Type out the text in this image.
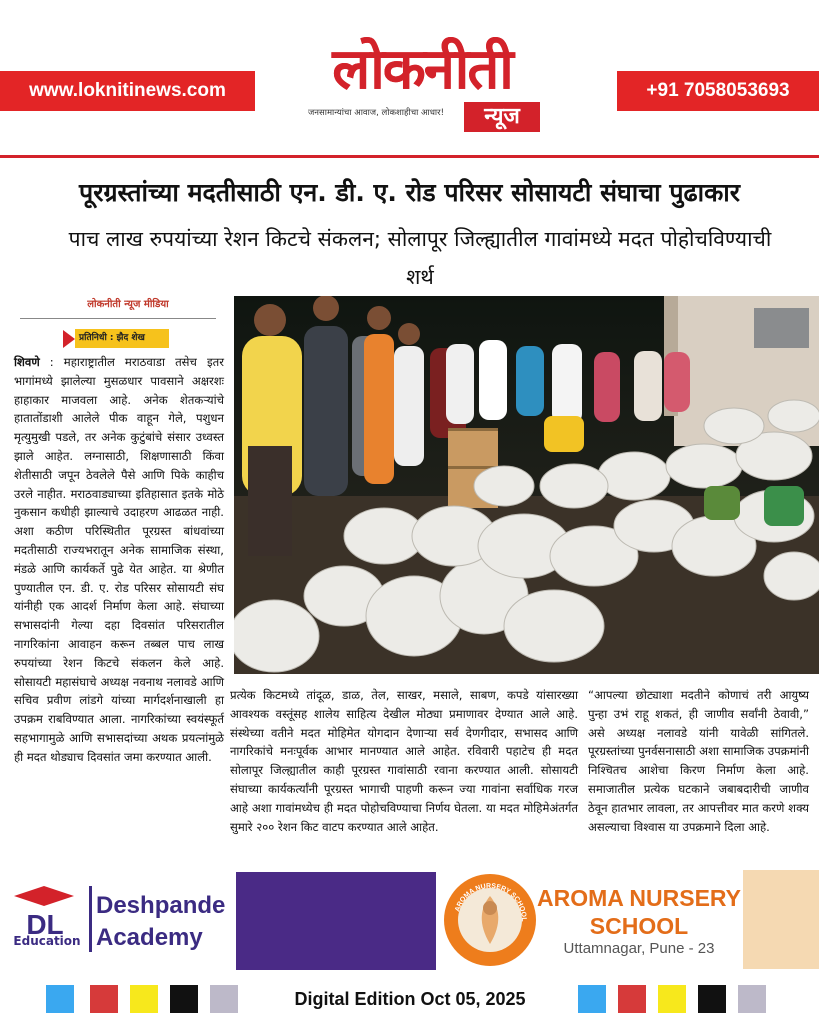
www.loknitinews.com	+91 7058053693
लोकनीती
जनसामान्यांचा आवाज, लोकशाहीचा आधार!	न्यूज
पूरग्रस्तांच्या मदतीसाठी एन. डी. ए. रोड परिसर सोसायटी संघाचा पुढाकार
पाच लाख रुपयांच्या रेशन किटचे संकलन; सोलापूर जिल्ह्यातील गावांमध्ये मदत पोहोचविण्याची शर्थ
लोकनीती न्यूज मीडिया
प्रतिनिधी : झैद शेख
शिवणे : महाराष्ट्रातील मराठवाडा तसेच इतर भागांमध्ये झालेल्या मुसळधार पावसाने अक्षरशः हाहाकार माजवला आहे. अनेक शेतकऱ्यांचे हातातोंडाशी आलेले पीक वाहून गेले, पशुधन मृत्युमुखी पडले, तर अनेक कुटुंबांचे संसार उध्वस्त झाले आहेत. लग्नासाठी, शिक्षणासाठी किंवा शेतीसाठी जपून ठेवलेले पैसे आणि पिके काहीच उरले नाहीत. मराठवाड्याच्या इतिहासात इतके मोठे नुकसान कधीही झाल्याचे उदाहरण आढळत नाही. अशा कठीण परिस्थितीत पूरग्रस्त बांधवांच्या मदतीसाठी राज्यभरातून अनेक सामाजिक संस्था, मंडळे आणि कार्यकर्ते पुढे येत आहेत. या श्रेणीत पुण्यातील एन. डी. ए. रोड परिसर सोसायटी संघ यांनीही एक आदर्श निर्माण केला आहे. संघाच्या सभासदांनी गेल्या दहा दिवसांत परिसरातील नागरिकांना आवाहन करून तब्बल पाच लाख रुपयांच्या रेशन किटचे संकलन केले आहे. सोसायटी महासंघाचे अध्यक्ष नवनाथ नलावडे आणि सचिव प्रवीण लांडगे यांच्या मार्गदर्शनाखाली हा उपक्रम राबविण्यात आला. नागरिकांच्या स्वयंस्फूर्त सहभागामुळे आणि सभासदांच्या अथक प्रयत्नांमुळे ही मदत थोड्याच दिवसांत जमा करण्यात आली.
प्रत्येक किटमध्ये तांदूळ, डाळ, तेल, साखर, मसाले, साबण, कपडे यांसारख्या आवश्यक वस्तूंसह शालेय साहित्य देखील मोठ्या प्रमाणावर देण्यात आले आहे. संस्थेच्या वतीने मदत मोहिमेत योगदान देणाऱ्या सर्व देणगीदार, सभासद आणि नागरिकांचे मनःपूर्वक आभार मानण्यात आले आहेत. रविवारी पहाटेच ही मदत सोलापूर जिल्ह्यातील काही पूरग्रस्त गावांसाठी रवाना करण्यात आली. सोसायटी संघाच्या कार्यकर्त्यांनी पूरग्रस्त भागाची पाहणी करून ज्या गावांना सर्वाधिक गरज आहे अशा गावांमध्येच ही मदत पोहोचविण्याचा निर्णय घेतला. या मदत मोहिमेअंतर्गत सुमारे २०० रेशन किट वाटप करण्यात आले आहेत.
“आपल्या छोट्याशा मदतीने कोणाचं तरी आयुष्य पुन्हा उभं राहू शकतं, ही जाणीव सर्वांनी ठेवावी,” असे अध्यक्ष नलावडे यांनी यावेळी सांगितले. पूरग्रस्तांच्या पुनर्वसनासाठी अशा सामाजिक उपक्रमांनी निश्चितच आशेचा किरण निर्माण केला आहे. समाजातील प्रत्येक घटकाने जबाबदारीची जाणीव ठेवून हातभार लावला, तर आपत्तीवर मात करणे शक्य असल्याचा विश्वास या उपक्रमाने दिला आहे.
DL
Education
Deshpande
Academy
AROMA NURSERY SCHOOL
AROMA NURSERY SCHOOL
Uttamnagar, Pune - 23
Digital Edition Oct 05, 2025
